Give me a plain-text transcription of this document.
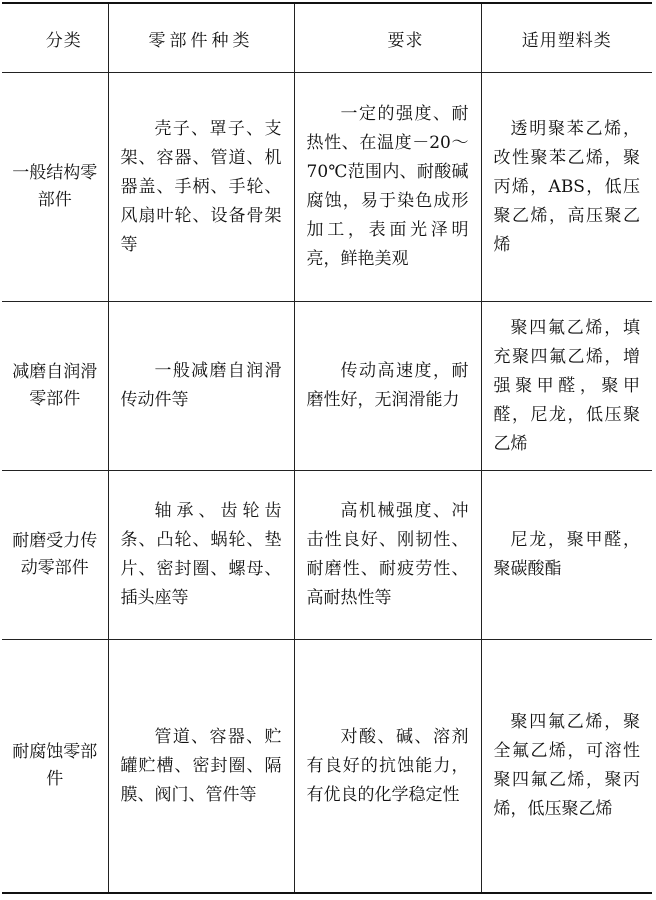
分类	零部件种类	要求	适用塑料类
一般结构零部件	壳子、罩子、支架、容器、管道、机器盖、手柄、手轮、风扇叶轮、设备骨架等	一定的强度、耐热性、在温度－20～70℃范围内、耐酸碱腐蚀，易于染色成形加工，表面光泽明亮，鲜艳美观	透明聚苯乙烯，改性聚苯乙烯，聚丙烯，ABS，低压聚乙烯，高压聚乙烯
减磨自润滑零部件	一般减磨自润滑传动件等	传动高速度，耐磨性好，无润滑能力	聚四氟乙烯，填充聚四氟乙烯，增强聚甲醛，聚甲醛，尼龙，低压聚乙烯
耐磨受力传动零部件	轴承、齿轮齿条、凸轮、蜗轮、垫片、密封圈、螺母、插头座等	高机械强度、冲击性良好、刚韧性、耐磨性、耐疲劳性、高耐热性等	尼龙，聚甲醛，聚碳酸酯
耐腐蚀零部件	管道、容器、贮罐贮槽、密封圈、隔膜、阀门、管件等	对酸、碱、溶剂有良好的抗蚀能力，有优良的化学稳定性	聚四氟乙烯，聚全氟乙烯，可溶性聚四氟乙烯，聚丙烯，低压聚乙烯
